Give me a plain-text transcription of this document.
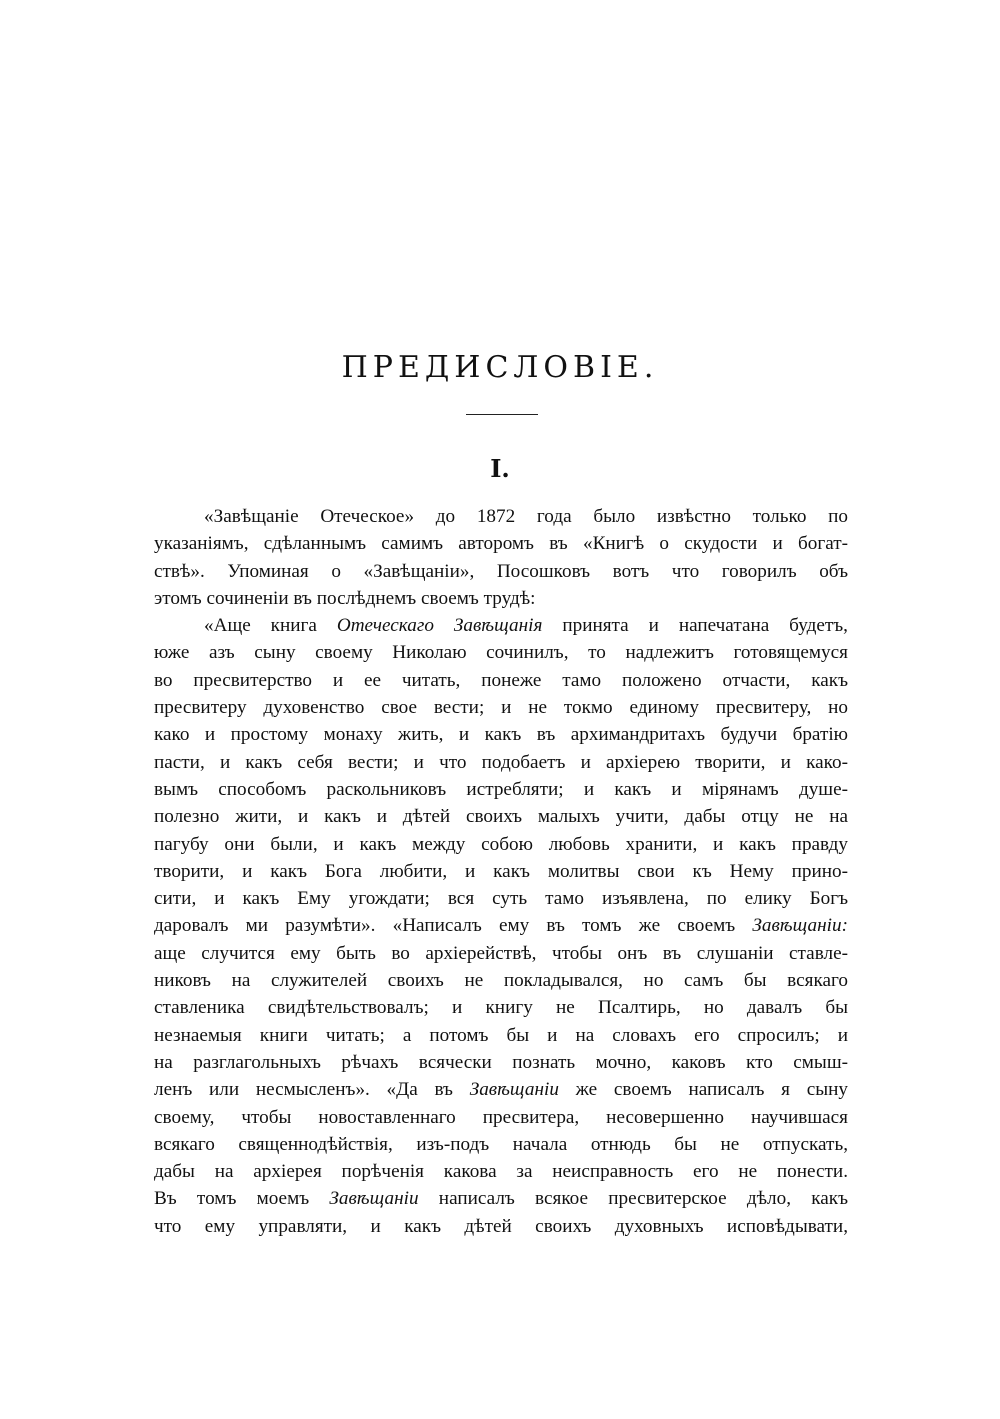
ПРЕДИСЛОВІЕ.
I.
«Завѣщаніе Отеческое» до 1872 года было извѣстно только по
указаніямъ, сдѣланнымъ самимъ авторомъ въ «Книгѣ о скудости и богат-
ствѣ». Упоминая о «Завѣщаніи», Посошковъ вотъ что говорилъ объ
этомъ сочиненіи въ послѣднемъ своемъ трудѣ:
«Аще книга Отеческаго Завѣщанія принята и напечатана будетъ,
юже азъ сыну своему Николаю сочинилъ, то надлежитъ готовящемуся
во пресвитерство и ее читать, понеже тамо положено отчасти, какъ
пресвитеру духовенство свое вести; и не токмо единому пресвитеру, но
како и простому монаху жить, и какъ въ архимандритахъ будучи братію
пасти, и какъ себя вести; и что подобаетъ и архіерею творити, и како-
вымъ способомъ раскольниковъ истребляти; и какъ и мірянамъ душе-
полезно жити, и какъ и дѣтей своихъ малыхъ учити, дабы отцу не на
пагубу они были, и какъ между собою любовь хранити, и какъ правду
творити, и какъ Бога любити, и какъ молитвы свои къ Нему прино-
сити, и какъ Ему угождати; вся суть тамо изъявлена, по елику Богъ
даровалъ ми разумѣти». «Написалъ ему въ томъ же своемъ Завѣщаніи:
аще случится ему быть во архіерействѣ, чтобы онъ въ слушаніи ставле-
никовъ на служителей своихъ не покладывался, но самъ бы всякаго
ставленика свидѣтельствовалъ; и книгу не Псалтирь, но давалъ бы
незнаемыя книги читать; а потомъ бы и на словахъ его спросилъ; и
на разглагольныхъ рѣчахъ всячески познать мочно, каковъ кто смыш-
ленъ или несмысленъ». «Да въ Завѣщаніи же своемъ написалъ я сыну
своему, чтобы новоставленнаго пресвитера, несовершенно научившася
всякаго священнодѣйствія, изъ-подъ начала отнюдь бы не отпускать,
дабы на архіерея порѣченія какова за неисправность его не понести.
Въ томъ моемъ Завѣщаніи написалъ всякое пресвитерское дѣло, какъ
что ему управляти, и какъ дѣтей своихъ духовныхъ исповѣдывати,
